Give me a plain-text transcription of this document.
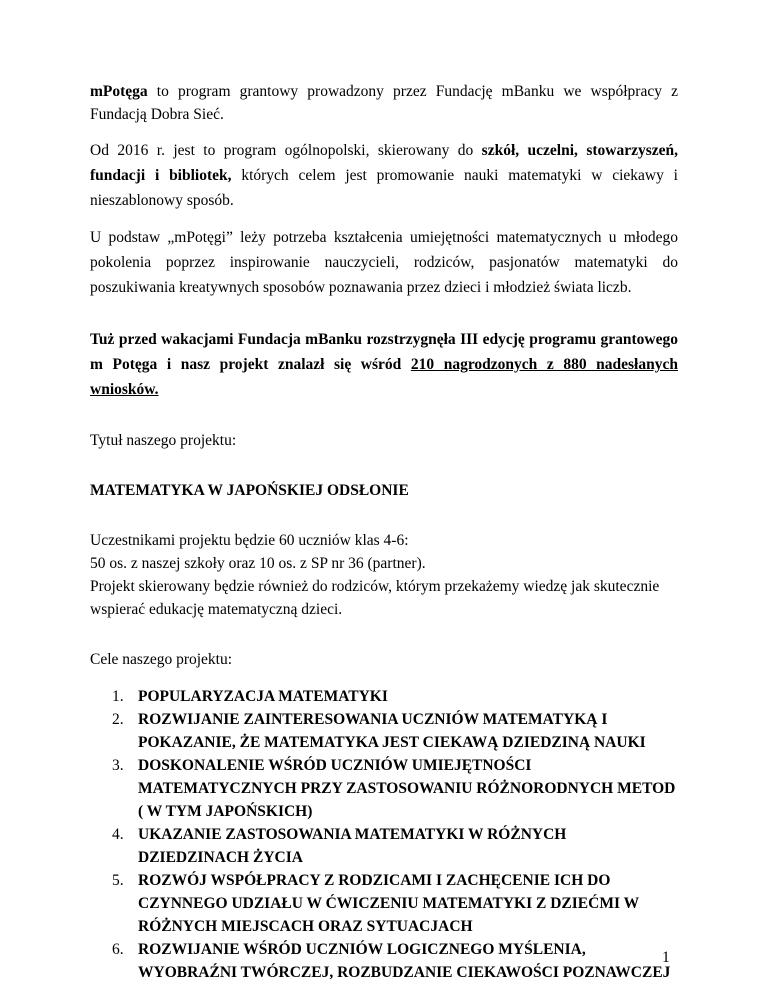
mPotęga to program grantowy prowadzony przez Fundację mBanku we współpracy z Fundacją Dobra Sieć.

Od 2016 r. jest to program ogólnopolski, skierowany do szkół, uczelni, stowarzyszeń, fundacji i bibliotek, których celem jest promowanie nauki matematyki w ciekawy i nieszablonowy sposób.

U podstaw „mPotęgi” leży potrzeba kształcenia umiejętności matematycznych u młodego pokolenia poprzez inspirowanie nauczycieli, rodziców, pasjonatów matematyki do poszukiwania kreatywnych sposobów poznawania przez dzieci i młodzież świata liczb.

Tuż przed wakacjami Fundacja mBanku rozstrzygnęła III edycję programu grantowego m Potęga i nasz projekt znalazł się wśród 210 nagrodzonych z 880 nadesłanych wniosków.

Tytuł naszego projektu:

MATEMATYKA W JAPOŃSKIEJ ODSŁONIE

Uczestnikami projektu będzie 60 uczniów klas 4-6:

50 os. z naszej szkoły oraz 10 os. z SP nr 36 (partner).

Projekt skierowany będzie również do rodziców, którym przekażemy wiedzę jak skutecznie wspierać edukację matematyczną dzieci.

Cele naszego projektu:

1. POPULARYZACJA MATEMATYKI
2. ROZWIJANIE ZAINTERESOWANIA UCZNIÓW MATEMATYKĄ I POKAZANIE, ŻE MATEMATYKA JEST CIEKAWĄ DZIEDZINĄ NAUKI
3. DOSKONALENIE WŚRÓD UCZNIÓW UMIEJĘTNOŚCI MATEMATYCZNYCH PRZY ZASTOSOWANIU RÓŻNORODNYCH METOD ( W TYM JAPOŃSKICH)
4. UKAZANIE ZASTOSOWANIA MATEMATYKI W RÓŻNYCH DZIEDZINACH ŻYCIA
5. ROZWÓJ WSPÓŁPRACY Z RODZICAMI I ZACHĘCENIE ICH DO CZYNNEGO UDZIAŁU W ĆWICZENIU MATEMATYKI Z DZIEĆMI W RÓŻNYCH MIEJSCACH ORAZ SYTUACJACH
6. ROZWIJANIE WŚRÓD UCZNIÓW LOGICZNEGO MYŚLENIA, WYOBRAŹNI TWÓRCZEJ, ROZBUDZANIE CIEKAWOŚCI POZNAWCZEJ
1
